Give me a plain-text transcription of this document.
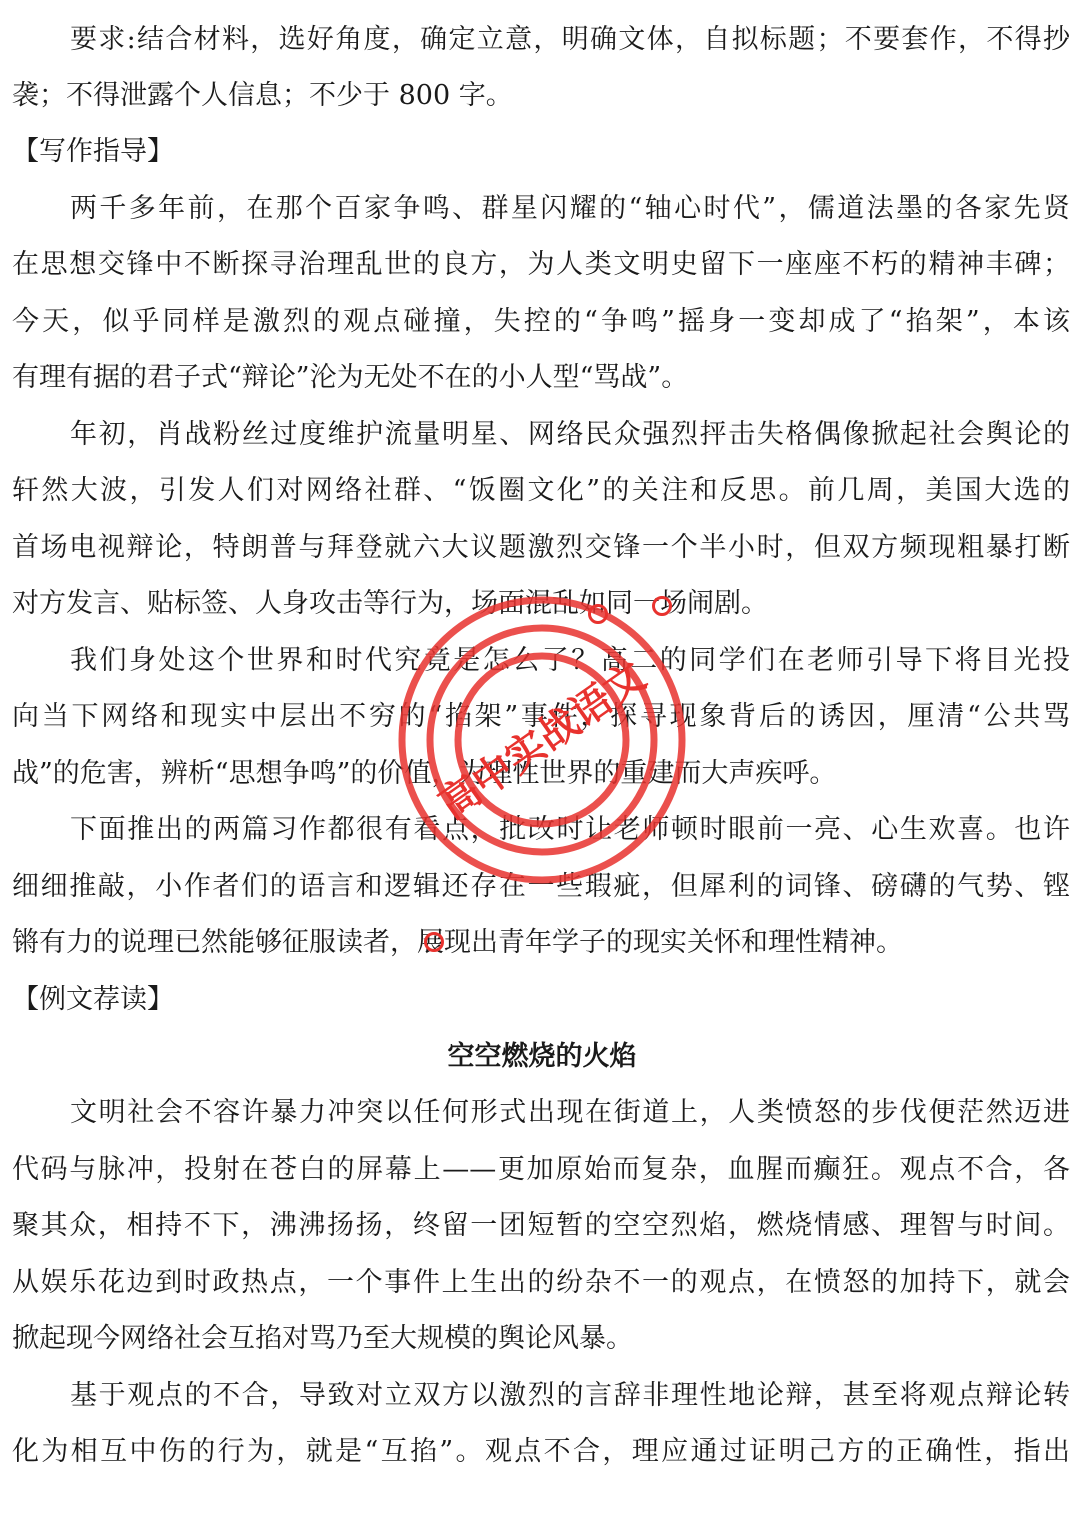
要求:结合材料，选好角度，确定立意，明确文体，自拟标题；不要套作，不得抄
袭；不得泄露个人信息；不少于 800 字。
【写作指导】
两千多年前，在那个百家争鸣、群星闪耀的“轴心时代”，儒道法墨的各家先贤
在思想交锋中不断探寻治理乱世的良方，为人类文明史留下一座座不朽的精神丰碑；
今天，似乎同样是激烈的观点碰撞，失控的“争鸣”摇身一变却成了“掐架”，本该
有理有据的君子式“辩论”沦为无处不在的小人型“骂战”。
年初，肖战粉丝过度维护流量明星、网络民众强烈抨击失格偶像掀起社会舆论的
轩然大波，引发人们对网络社群、“饭圈文化”的关注和反思。前几周，美国大选的
首场电视辩论，特朗普与拜登就六大议题激烈交锋一个半小时，但双方频现粗暴打断
对方发言、贴标签、人身攻击等行为，场面混乱如同一场闹剧。
我们身处这个世界和时代究竟是怎么了？高二的同学们在老师引导下将目光投
向当下网络和现实中层出不穷的“掐架”事件，探寻现象背后的诱因，厘清“公共骂
战”的危害，辨析“思想争鸣”的价值，为理性世界的重建而大声疾呼。
下面推出的两篇习作都很有看点，批改时让老师顿时眼前一亮、心生欢喜。也许
细细推敲，小作者们的语言和逻辑还存在一些瑕疵，但犀利的词锋、磅礴的气势、铿
锵有力的说理已然能够征服读者，展现出青年学子的现实关怀和理性精神。
【例文荐读】
空空燃烧的火焰
文明社会不容许暴力冲突以任何形式出现在街道上，人类愤怒的步伐便茫然迈进
代码与脉冲，投射在苍白的屏幕上——更加原始而复杂，血腥而癫狂。观点不合，各
聚其众，相持不下，沸沸扬扬，终留一团短暂的空空烈焰，燃烧情感、理智与时间。
从娱乐花边到时政热点，一个事件上生出的纷杂不一的观点，在愤怒的加持下，就会
掀起现今网络社会互掐对骂乃至大规模的舆论风暴。
基于观点的不合，导致对立双方以激烈的言辞非理性地论辩，甚至将观点辩论转
化为相互中伤的行为，就是“互掐”。观点不合，理应通过证明己方的正确性，指出
高中实战语文
